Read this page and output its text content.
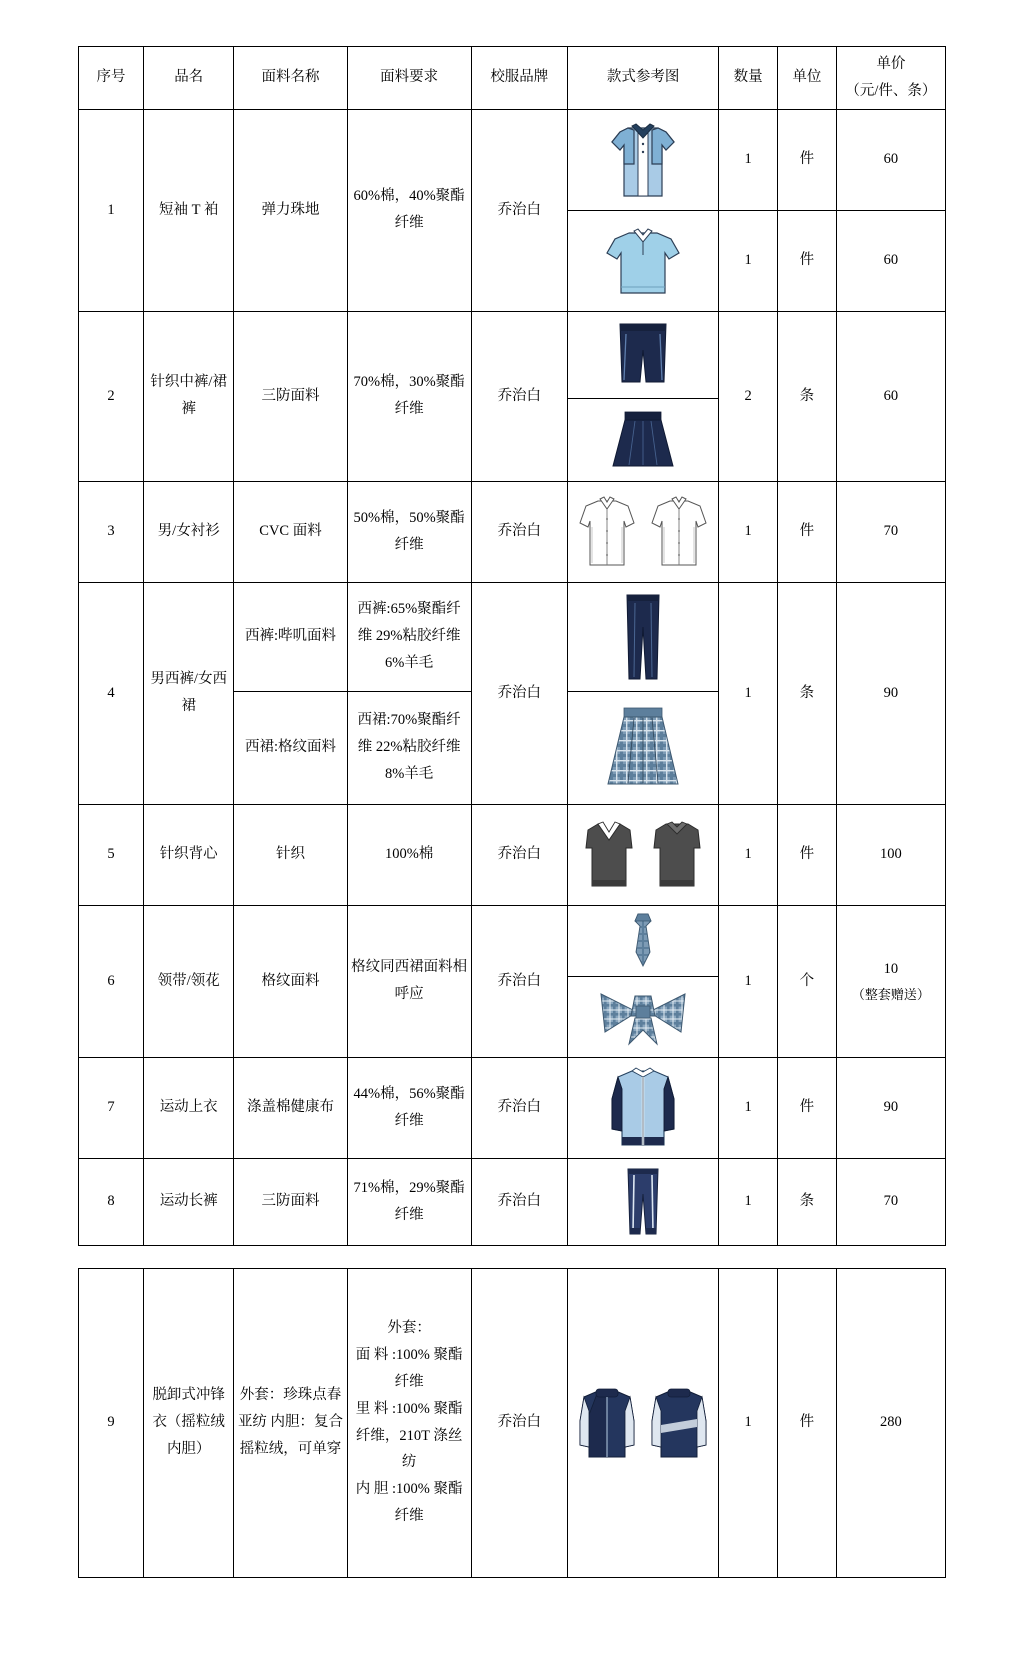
序号	品名	面料名称	面料要求	校服品牌	款式参考图	数量	单位	单价
（元/件、条）

1	短袖 T 袙	弹力珠地	60%棉，40%聚酯纤维	乔治白		1	件	60

	1	件	60
2	针织中裤/裙裤	三防面料	70%棉，30%聚酯纤维	乔治白		2	条	60

3	男/女衬衫	CVC 面料	50%棉，50%聚酯纤维	乔治白		1	件	70
4	男西裤/女西裙	西裤:哔叽面料	西裤:65%聚酯纤维 29%粘胶纤维 6%羊毛	乔治白		1	条	90
		西裙:格纹面料	西裙:70%聚酯纤维 22%粘胶纤维 8%羊毛	

5	针织背心	针织	100%棉	乔治白		1	件	100
6	领带/领花	格纹面料	格纹同西裙面料相呼应	乔治白		1	个	10
（整套赠送）

7	运动上衣	涤盖棉健康布	44%棉，56%聚酯纤维	乔治白		1	件	90
8	运动长裤	三防面料	71%棉，29%聚酯纤维	乔治白		1	条	70
9	脱卸式冲锋衣（摇粒绒内胆）	外套：珍珠点春亚纺 内胆：复合摇粒绒，可单穿	
外套：
面 料 :100% 聚酯纤维
里 料 :100% 聚酯纤维，210T 涤丝纺
内 胆 :100% 聚酯纤维
	乔治白		1	件	280
